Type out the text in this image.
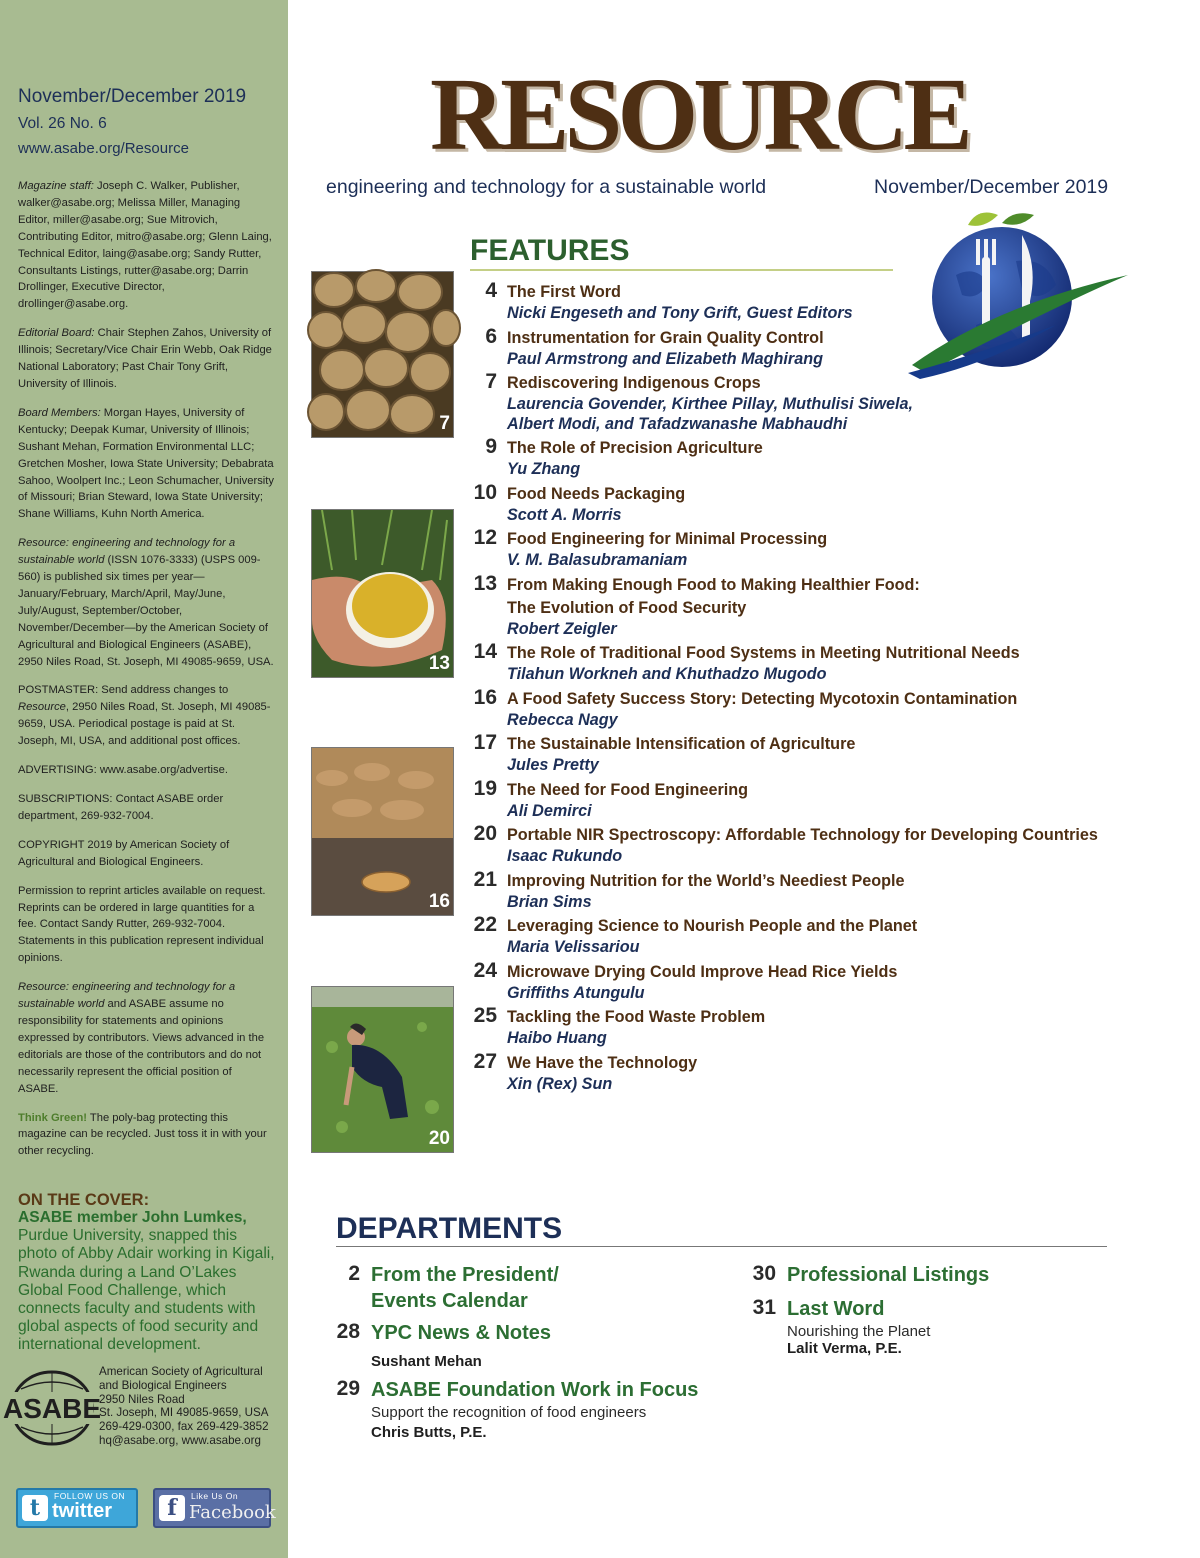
November/December 2019
Vol. 26 No. 6
www.asabe.org/Resource

Magazine staff: Joseph C. Walker, Publisher, walker@asabe.org; Melissa Miller, Managing Editor, miller@asabe.org; Sue Mitrovich, Contributing Editor, mitro@asabe.org; Glenn Laing, Technical Editor, laing@asabe.org; Sandy Rutter, Consultants Listings, rutter@asabe.org; Darrin Drollinger, Executive Director, drollinger@asabe.org.

Editorial Board: Chair Stephen Zahos, University of Illinois; Secretary/Vice Chair Erin Webb, Oak Ridge National Laboratory; Past Chair Tony Grift, University of Illinois.

Board Members: Morgan Hayes, University of Kentucky; Deepak Kumar, University of Illinois; Sushant Mehan, Formation Environmental LLC; Gretchen Mosher, Iowa State University; Debabrata Sahoo, Woolpert Inc.; Leon Schumacher, University of Missouri; Brian Steward, Iowa State University; Shane Williams, Kuhn North America.

Resource: engineering and technology for a sustainable world (ISSN 1076-3333) (USPS 009-560) is published six times per year—January/February, March/April, May/June, July/August, September/October, November/December—by the American Society of Agricultural and Biological Engineers (ASABE), 2950 Niles Road, St. Joseph, MI 49085-9659, USA.

POSTMASTER: Send address changes to Resource, 2950 Niles Road, St. Joseph, MI 49085-9659, USA. Periodical postage is paid at St. Joseph, MI, USA, and additional post offices.

ADVERTISING: www.asabe.org/advertise.

SUBSCRIPTIONS: Contact ASABE order department, 269-932-7004.

COPYRIGHT 2019 by American Society of Agricultural and Biological Engineers.

Permission to reprint articles available on request. Reprints can be ordered in large quantities for a fee. Contact Sandy Rutter, 269-932-7004. Statements in this publication represent individual opinions.

Resource: engineering and technology for a sustainable world and ASABE assume no responsibility for statements and opinions expressed by contributors. Views advanced in the editorials are those of the contributors and do not necessarily represent the official position of ASABE.

Think Green! The poly-bag protecting this magazine can be recycled. Just toss it in with your other recycling.

ON THE COVER:
ASABE member John Lumkes, Purdue University, snapped this photo of Abby Adair working in Kigali, Rwanda during a Land O’Lakes Global Food Challenge, which connects faculty and students with global aspects of food security and international development.
ASABE
American Society of Agricultural
and Biological Engineers
2950 Niles Road
St. Joseph, MI 49085-9659, USA
269-429-0300, fax 269-429-3852
hq@asabe.org, www.asabe.org
t	FOLLOW US ON
twitter	f	Like Us On
Facebook
RESOURCE
engineering and technology for a sustainable world	November/December 2019
FEATURES
7
13
16
20
4 The First Word
Nicki Engeseth and Tony Grift, Guest Editors
6 Instrumentation for Grain Quality Control
Paul Armstrong and Elizabeth Maghirang
7 Rediscovering Indigenous Crops
Laurencia Govender, Kirthee Pillay, Muthulisi Siwela,
Albert Modi, and Tafadzwanashe Mabhaudhi
9 The Role of Precision Agriculture
Yu Zhang
10 Food Needs Packaging
Scott A. Morris
12 Food Engineering for Minimal Processing
V. M. Balasubramaniam
13 From Making Enough Food to Making Healthier Food:
The Evolution of Food Security
Robert Zeigler
14 The Role of Traditional Food Systems in Meeting Nutritional Needs
Tilahun Workneh and Khuthadzo Mugodo
16 A Food Safety Success Story: Detecting Mycotoxin Contamination
Rebecca Nagy
17 The Sustainable Intensification of Agriculture
Jules Pretty
19 The Need for Food Engineering
Ali Demirci
20 Portable NIR Spectroscopy: Affordable Technology for Developing Countries
Isaac Rukundo
21 Improving Nutrition for the World’s Neediest People
Brian Sims
22 Leveraging Science to Nourish People and the Planet
Maria Velissariou
24 Microwave Drying Could Improve Head Rice Yields
Griffiths Atungulu
25 Tackling the Food Waste Problem
Haibo Huang
27 We Have the Technology
Xin (Rex) Sun
DEPARTMENTS
2 From the President/
Events Calendar
28 YPC News & Notes
Sushant Mehan
29 ASABE Foundation Work in Focus
Support the recognition of food engineers
Chris Butts, P.E.
30 Professional Listings
31 Last Word
Nourishing the Planet
Lalit Verma, P.E.
